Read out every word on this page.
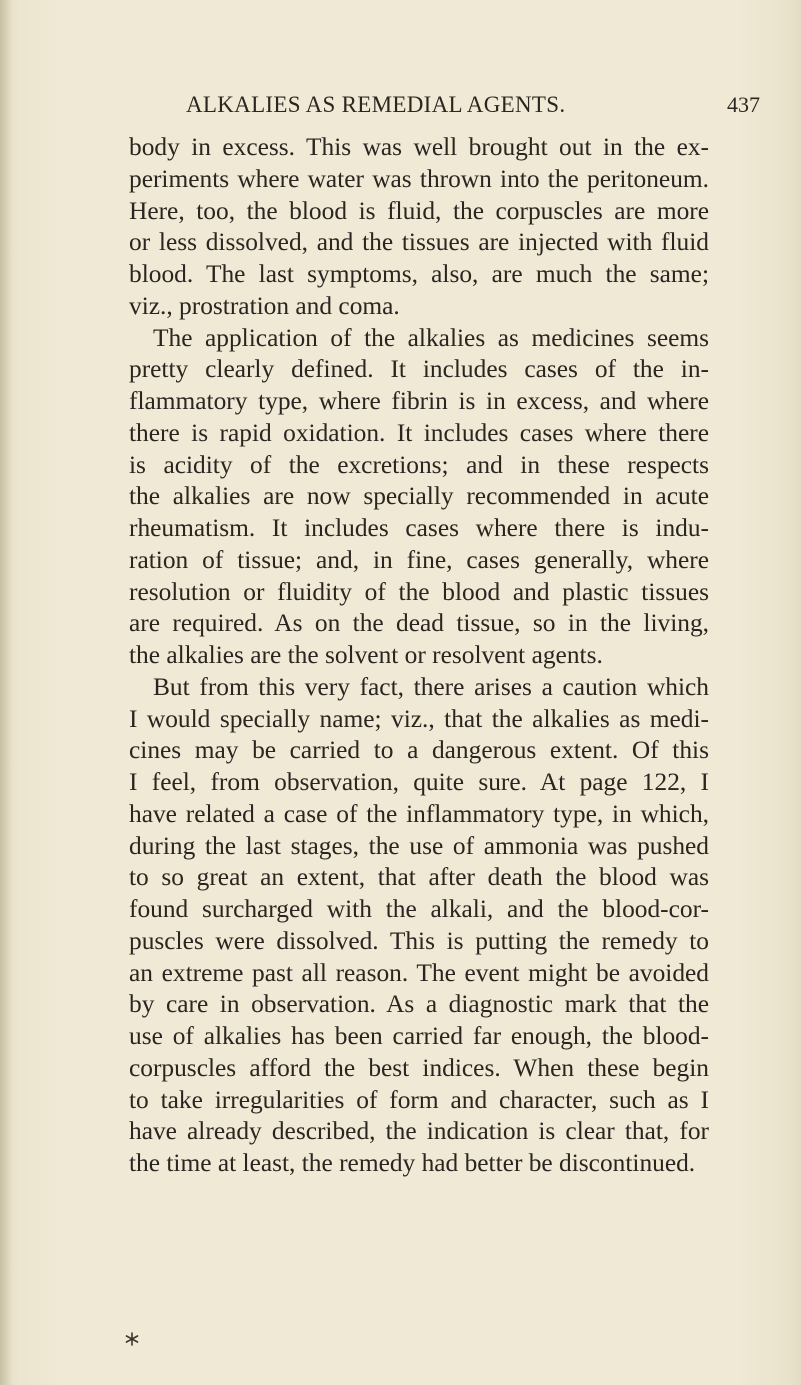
ALKALIES AS REMEDIAL AGENTS.	437
body in excess. This was well brought out in the ex-
periments where water was thrown into the peritoneum.
Here, too, the blood is fluid, the corpuscles are more
or less dissolved, and the tissues are injected with fluid
blood. The last symptoms, also, are much the same;
viz., prostration and coma.
The application of the alkalies as medicines seems
pretty clearly defined. It includes cases of the in-
flammatory type, where fibrin is in excess, and where
there is rapid oxidation. It includes cases where there
is acidity of the excretions; and in these respects
the alkalies are now specially recommended in acute
rheumatism. It includes cases where there is indu-
ration of tissue; and, in fine, cases generally, where
resolution or fluidity of the blood and plastic tissues
are required. As on the dead tissue, so in the living,
the alkalies are the solvent or resolvent agents.
But from this very fact, there arises a caution which
I would specially name; viz., that the alkalies as medi-
cines may be carried to a dangerous extent. Of this
I feel, from observation, quite sure. At page 122, I
have related a case of the inflammatory type, in which,
during the last stages, the use of ammonia was pushed
to so great an extent, that after death the blood was
found surcharged with the alkali, and the blood-cor-
puscles were dissolved. This is putting the remedy to
an extreme past all reason. The event might be avoided
by care in observation. As a diagnostic mark that the
use of alkalies has been carried far enough, the blood-
corpuscles afford the best indices. When these begin
to take irregularities of form and character, such as I
have already described, the indication is clear that, for
the time at least, the remedy had better be discontinued.
